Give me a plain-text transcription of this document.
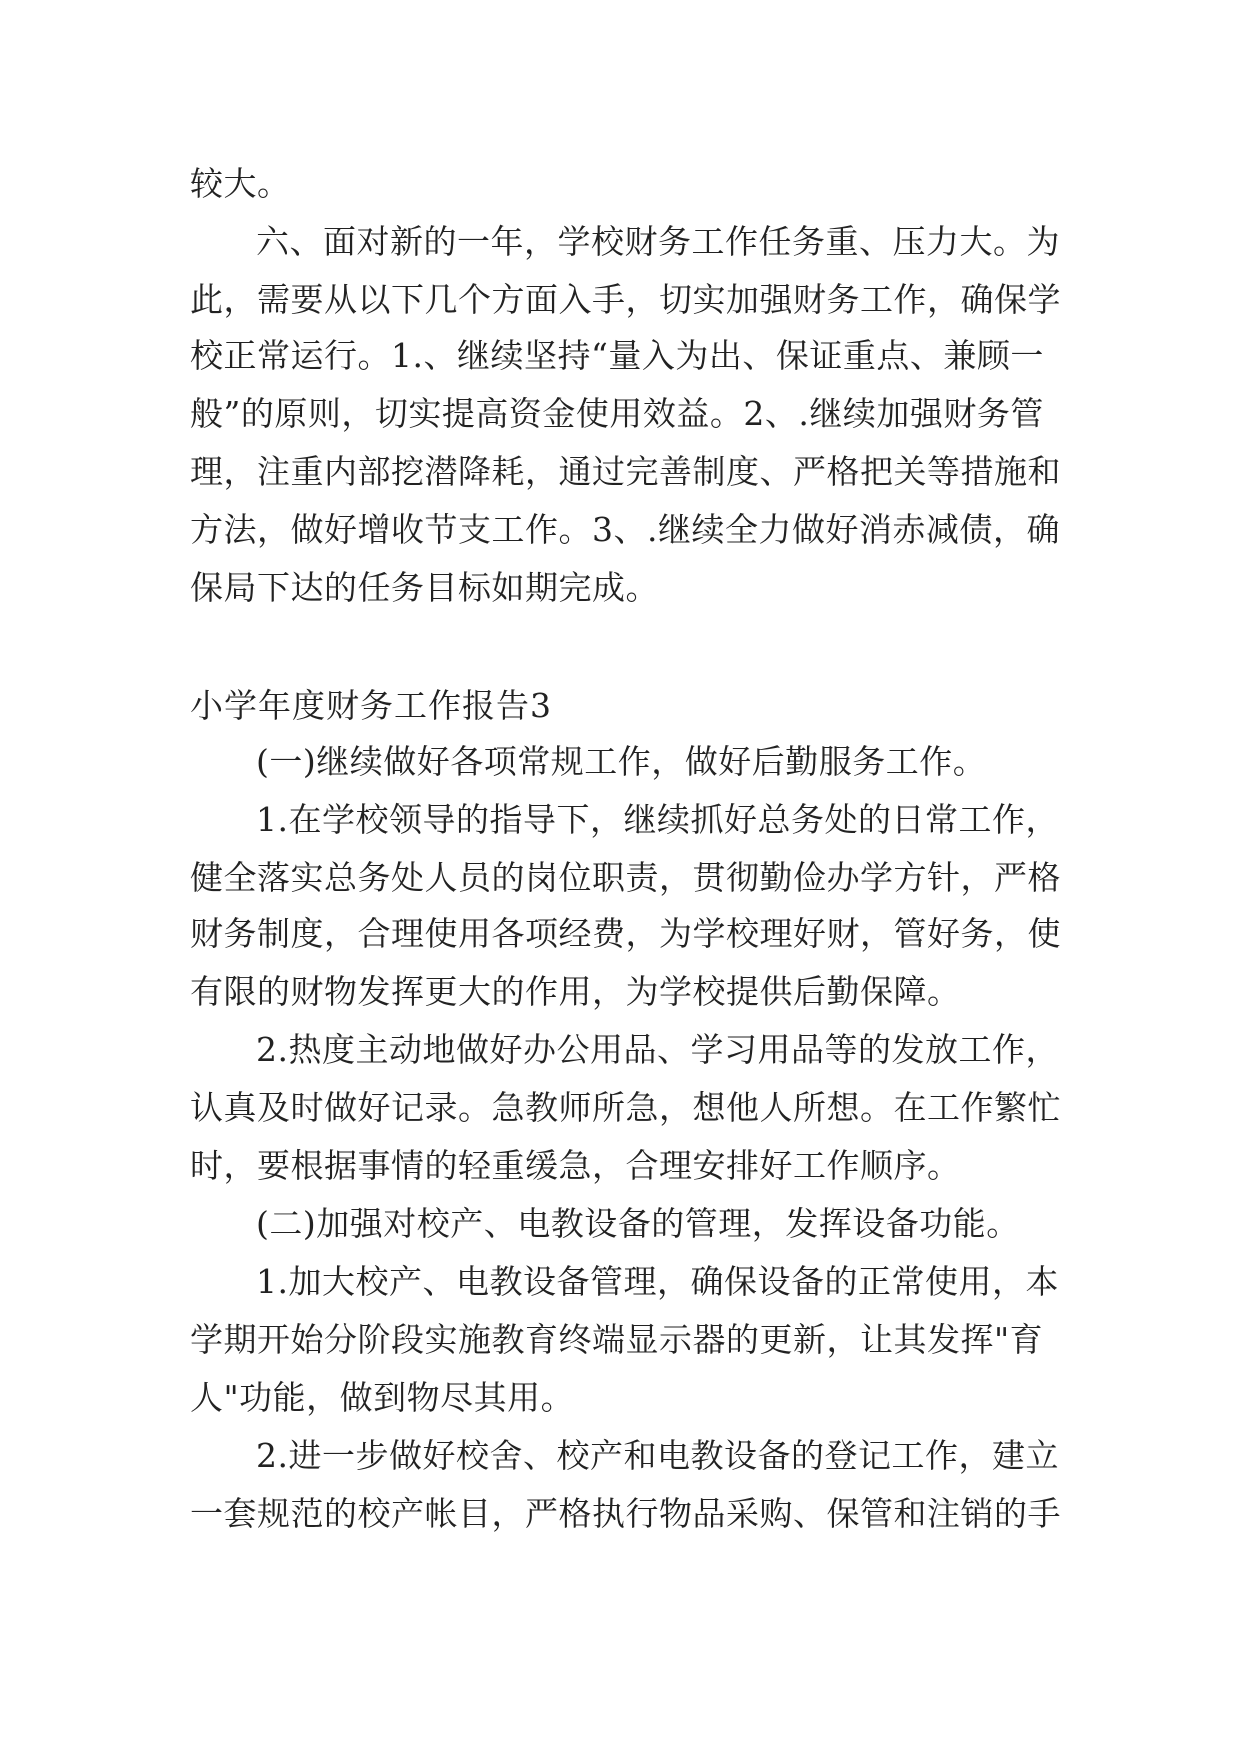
较大。
六、面对新的一年，学校财务工作任务重、压力大。为
此，需要从以下几个方面入手，切实加强财务工作，确保学
校正常运行。1.、继续坚持“量入为出、保证重点、兼顾一
般”的原则，切实提高资金使用效益。2、.继续加强财务管
理，注重内部挖潜降耗，通过完善制度、严格把关等措施和
方法，做好增收节支工作。3、.继续全力做好消赤减债，确
保局下达的任务目标如期完成。
小学年度财务工作报告3
(一)继续做好各项常规工作，做好后勤服务工作。
1.在学校领导的指导下，继续抓好总务处的日常工作，
健全落实总务处人员的岗位职责，贯彻勤俭办学方针，严格
财务制度，合理使用各项经费，为学校理好财，管好务，使
有限的财物发挥更大的作用，为学校提供后勤保障。
2.热度主动地做好办公用品、学习用品等的发放工作，
认真及时做好记录。急教师所急，想他人所想。在工作繁忙
时，要根据事情的轻重缓急，合理安排好工作顺序。
(二)加强对校产、电教设备的管理，发挥设备功能。
1.加大校产、电教设备管理，确保设备的正常使用，本
学期开始分阶段实施教育终端显示器的更新，让其发挥"育
人"功能，做到物尽其用。
2.进一步做好校舍、校产和电教设备的登记工作，建立
一套规范的校产帐目，严格执行物品采购、保管和注销的手
